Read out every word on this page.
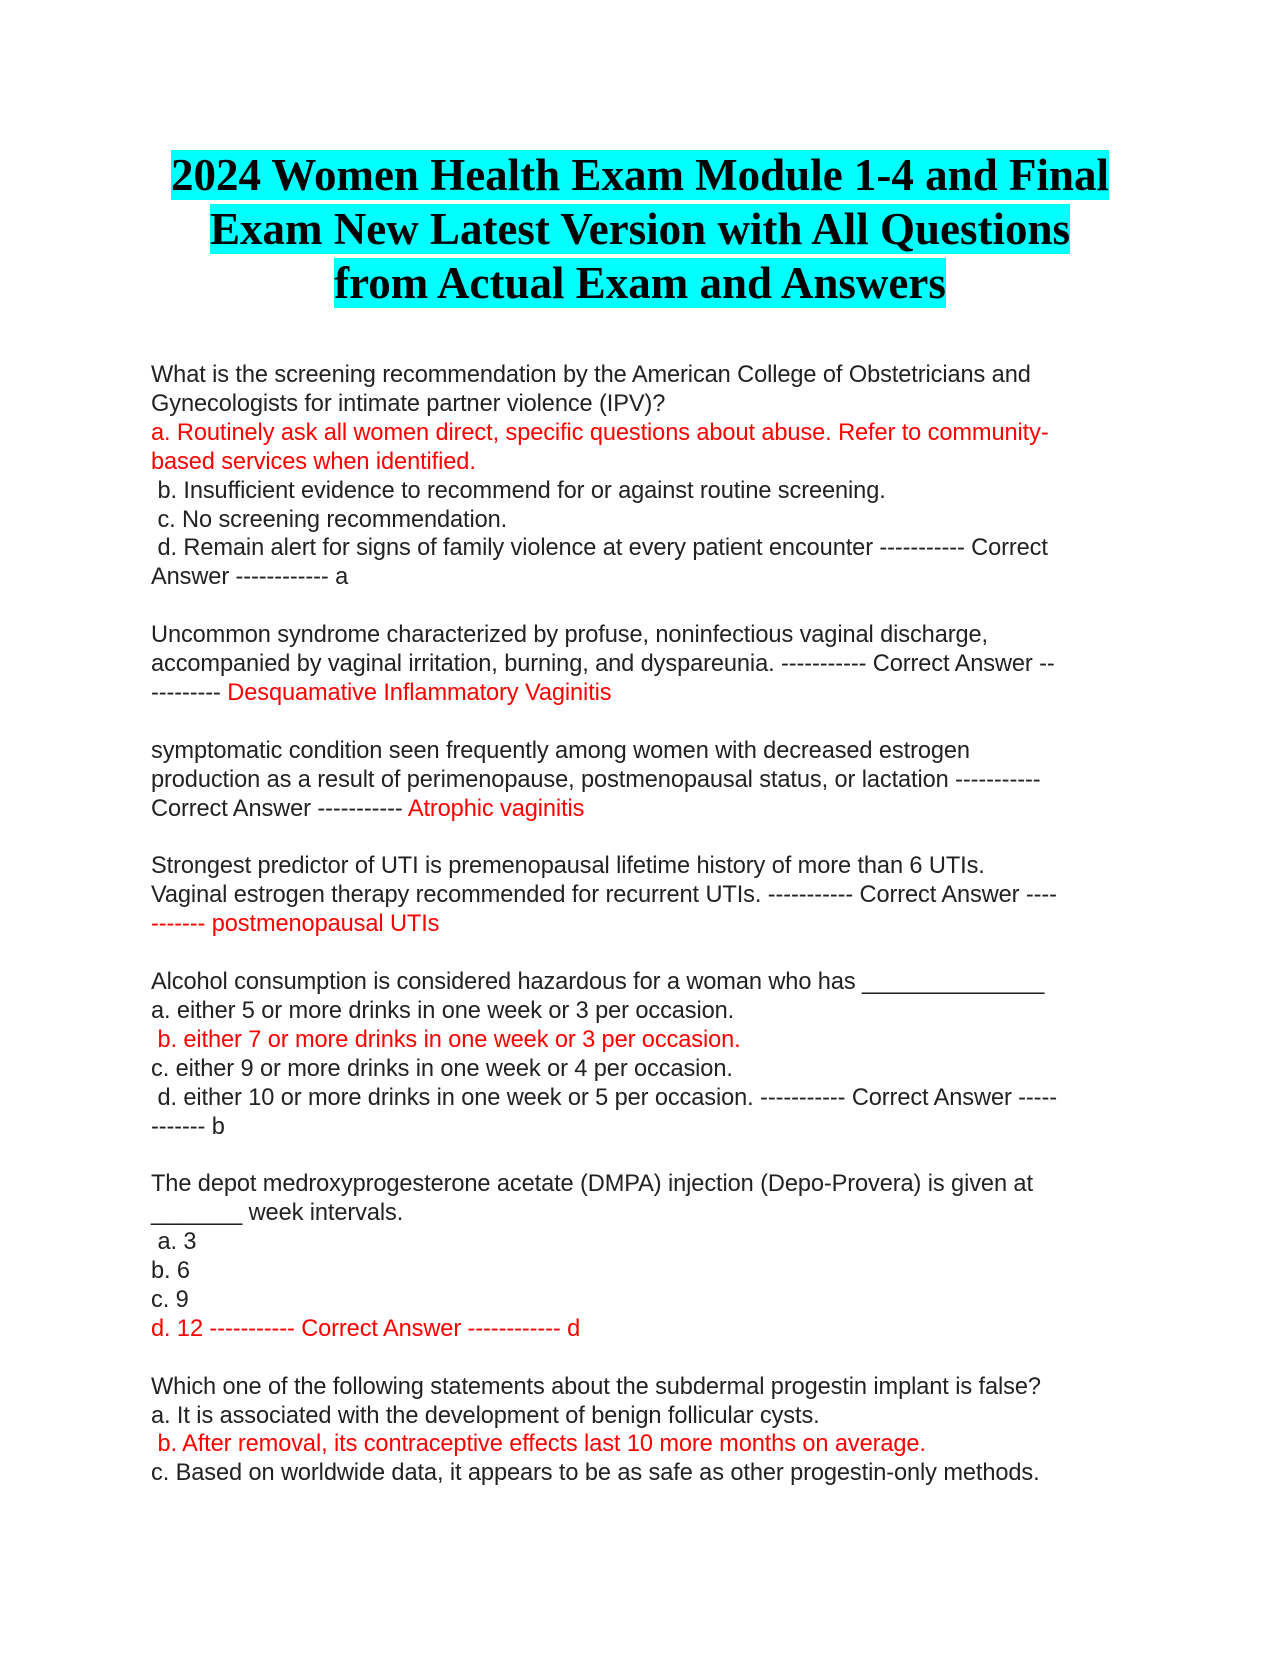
2024 Women Health Exam Module 1-4 and Final
Exam New Latest Version with All Questions
from Actual Exam and Answers
What is the screening recommendation by the American College of Obstetricians and
Gynecologists for intimate partner violence (IPV)?
a. Routinely ask all women direct, specific questions about abuse. Refer to community-
based services when identified.
b. Insufficient evidence to recommend for or against routine screening.
c. No screening recommendation.
d. Remain alert for signs of family violence at every patient encounter ----------- Correct
Answer ------------ a
Uncommon syndrome characterized by profuse, noninfectious vaginal discharge,
accompanied by vaginal irritation, burning, and dyspareunia. ----------- Correct Answer --
--------- Desquamative Inflammatory Vaginitis
symptomatic condition seen frequently among women with decreased estrogen
production as a result of perimenopause, postmenopausal status, or lactation -----------
Correct Answer ----------- Atrophic vaginitis
Strongest predictor of UTI is premenopausal lifetime history of more than 6 UTIs.
Vaginal estrogen therapy recommended for recurrent UTIs. ----------- Correct Answer ----
------- postmenopausal UTIs
Alcohol consumption is considered hazardous for a woman who has ______________
a. either 5 or more drinks in one week or 3 per occasion.
b. either 7 or more drinks in one week or 3 per occasion.
c. either 9 or more drinks in one week or 4 per occasion.
d. either 10 or more drinks in one week or 5 per occasion. ----------- Correct Answer -----
------- b
The depot medroxyprogesterone acetate (DMPA) injection (Depo-Provera) is given at
_______ week intervals.
a. 3
b. 6
c. 9
d. 12 ----------- Correct Answer ------------ d
Which one of the following statements about the subdermal progestin implant is false?
a. It is associated with the development of benign follicular cysts.
b. After removal, its contraceptive effects last 10 more months on average.
c. Based on worldwide data, it appears to be as safe as other progestin-only methods.
